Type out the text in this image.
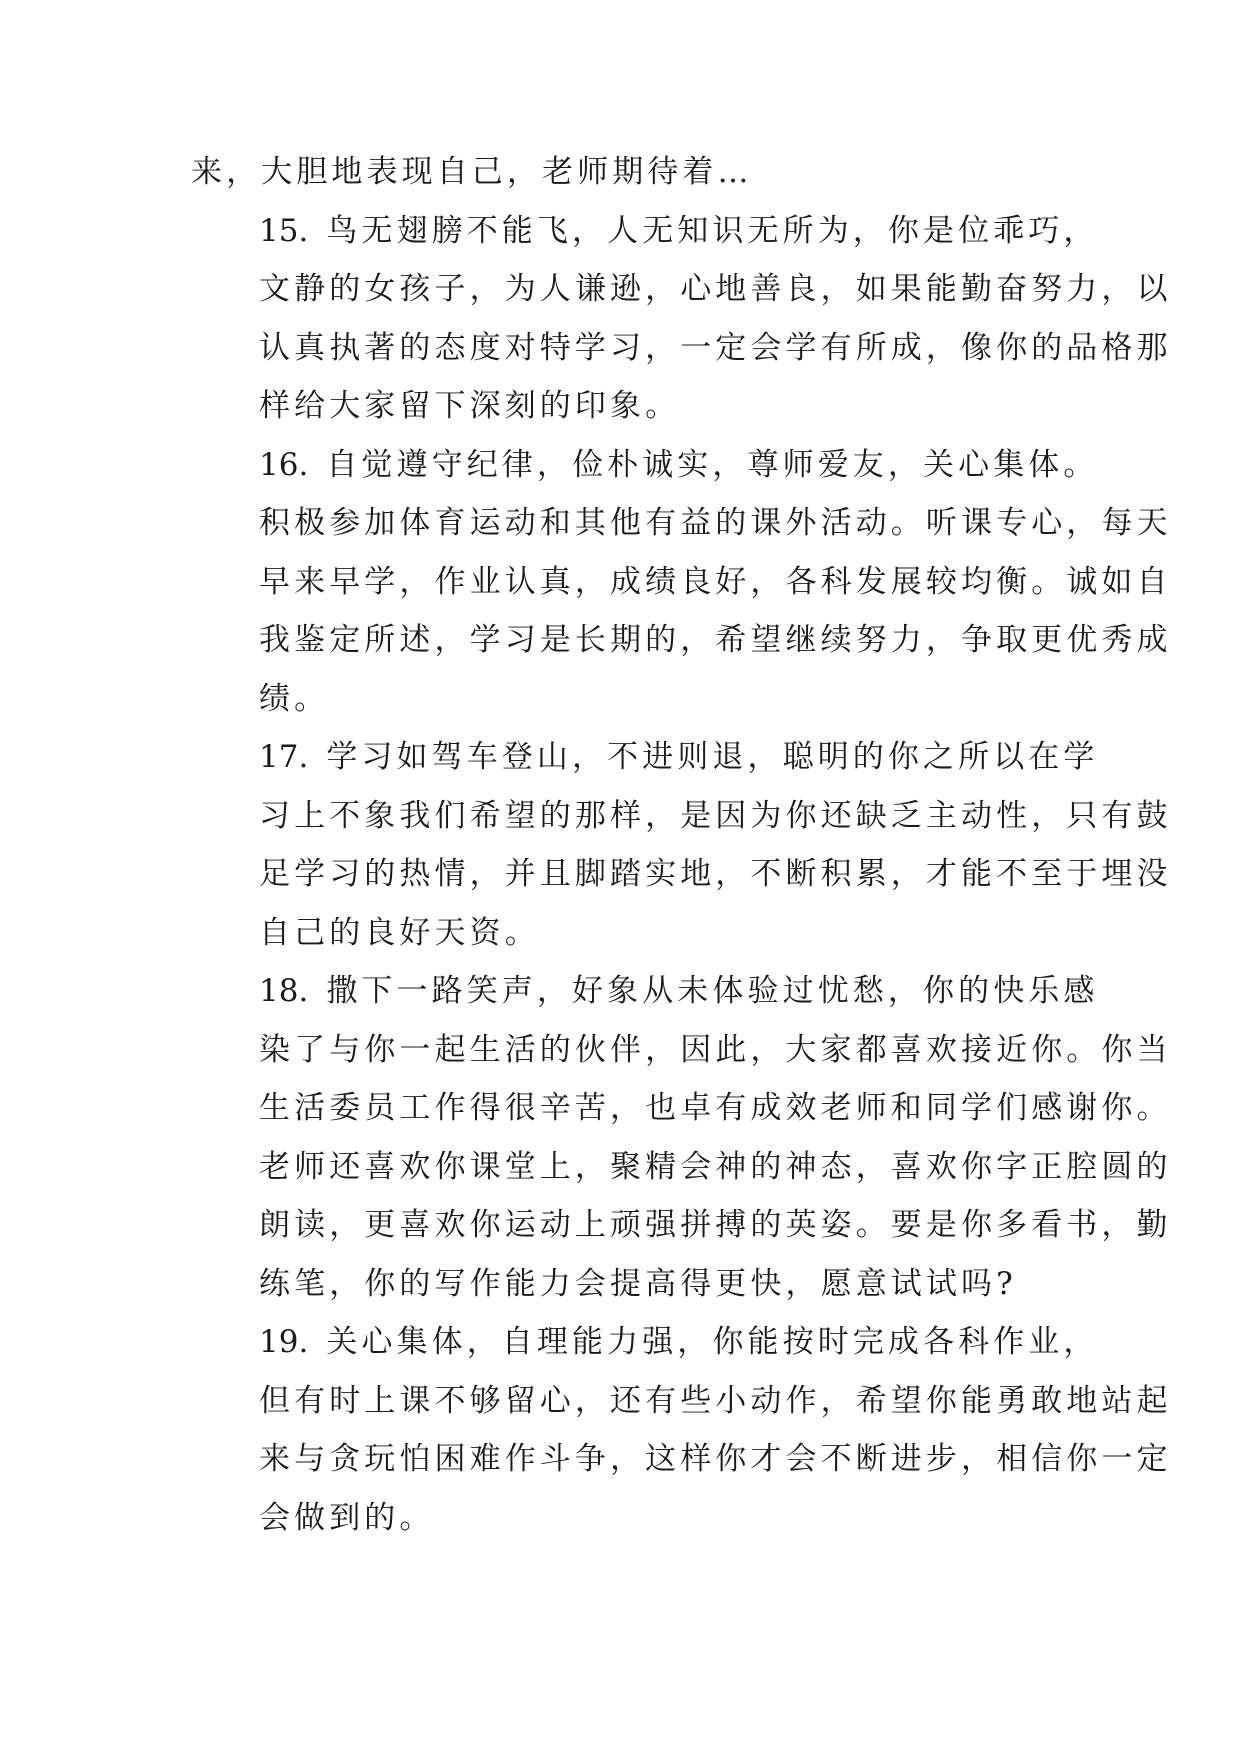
来，大胆地表现自己，老师期待着…
15. 鸟无翅膀不能飞，人无知识无所为，你是位乖巧，
文静的女孩子，为人谦逊，心地善良，如果能勤奋努力，以
认真执著的态度对特学习，一定会学有所成，像你的品格那
样给大家留下深刻的印象。
16. 自觉遵守纪律，俭朴诚实，尊师爱友，关心集体。
积极参加体育运动和其他有益的课外活动。听课专心，每天
早来早学，作业认真，成绩良好，各科发展较均衡。诚如自
我鉴定所述，学习是长期的，希望继续努力，争取更优秀成
绩。
17. 学习如驾车登山，不进则退，聪明的你之所以在学
习上不象我们希望的那样，是因为你还缺乏主动性，只有鼓
足学习的热情，并且脚踏实地，不断积累，才能不至于埋没
自己的良好天资。
18. 撒下一路笑声，好象从未体验过忧愁，你的快乐感
染了与你一起生活的伙伴，因此，大家都喜欢接近你。你当
生活委员工作得很辛苦，也卓有成效老师和同学们感谢你。
老师还喜欢你课堂上，聚精会神的神态，喜欢你字正腔圆的
朗读，更喜欢你运动上顽强拼搏的英姿。要是你多看书，勤
练笔，你的写作能力会提高得更快，愿意试试吗?
19. 关心集体，自理能力强，你能按时完成各科作业，
但有时上课不够留心，还有些小动作，希望你能勇敢地站起
来与贪玩怕困难作斗争，这样你才会不断进步，相信你一定
会做到的。
